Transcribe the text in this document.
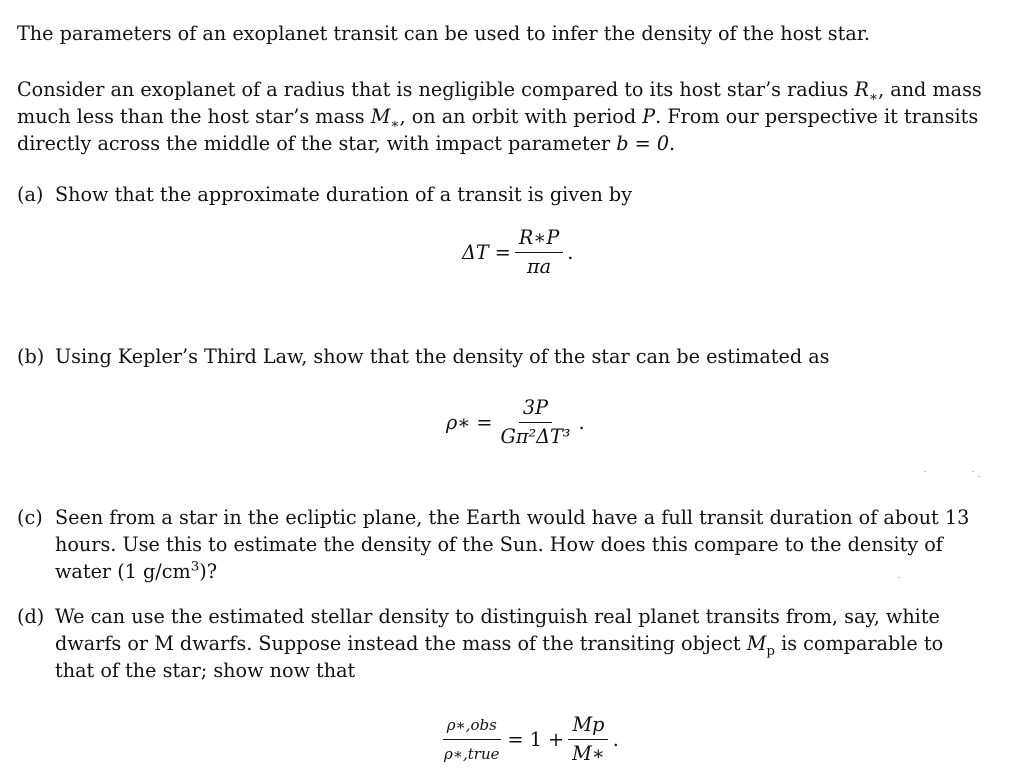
The parameters of an exoplanet transit can be used to infer the density of the host star.

Consider an exoplanet of a radius that is negligible compared to its host star’s radius $R_∗$, and mass much less than the host star’s mass $M_∗$, on an orbit with period P. From our perspective it transits directly across the middle of the star, with impact parameter b = 0.

(a) Show that the approximate duration of a transit is given by
$\Delta T = \frac{R∗P}{\pi a}$ .
(b) Using Kepler’s Third Law, show that the density of the star can be estimated as
ρ∗ = $\frac{3P}{\text{Gπ²ΔT³}}$ .
(c) Seen from a star in the ecliptic plane, the Earth would have a full transit duration of about 13 hours. Use this to estimate the density of the Sun. How does this compare to the density of water (1 $g/cm^3$)?
(d) We can use the estimated stellar density to distinguish real planet transits from, say, white dwarfs or M dwarfs. Suppose instead the mass of the transiting object $M_p$ is comparable to that of the star; show now that
$\frac{\text{ρ∗,obs}}{\text{ρ∗,true}} = 1 + \frac{Mp}{M∗}$ .
